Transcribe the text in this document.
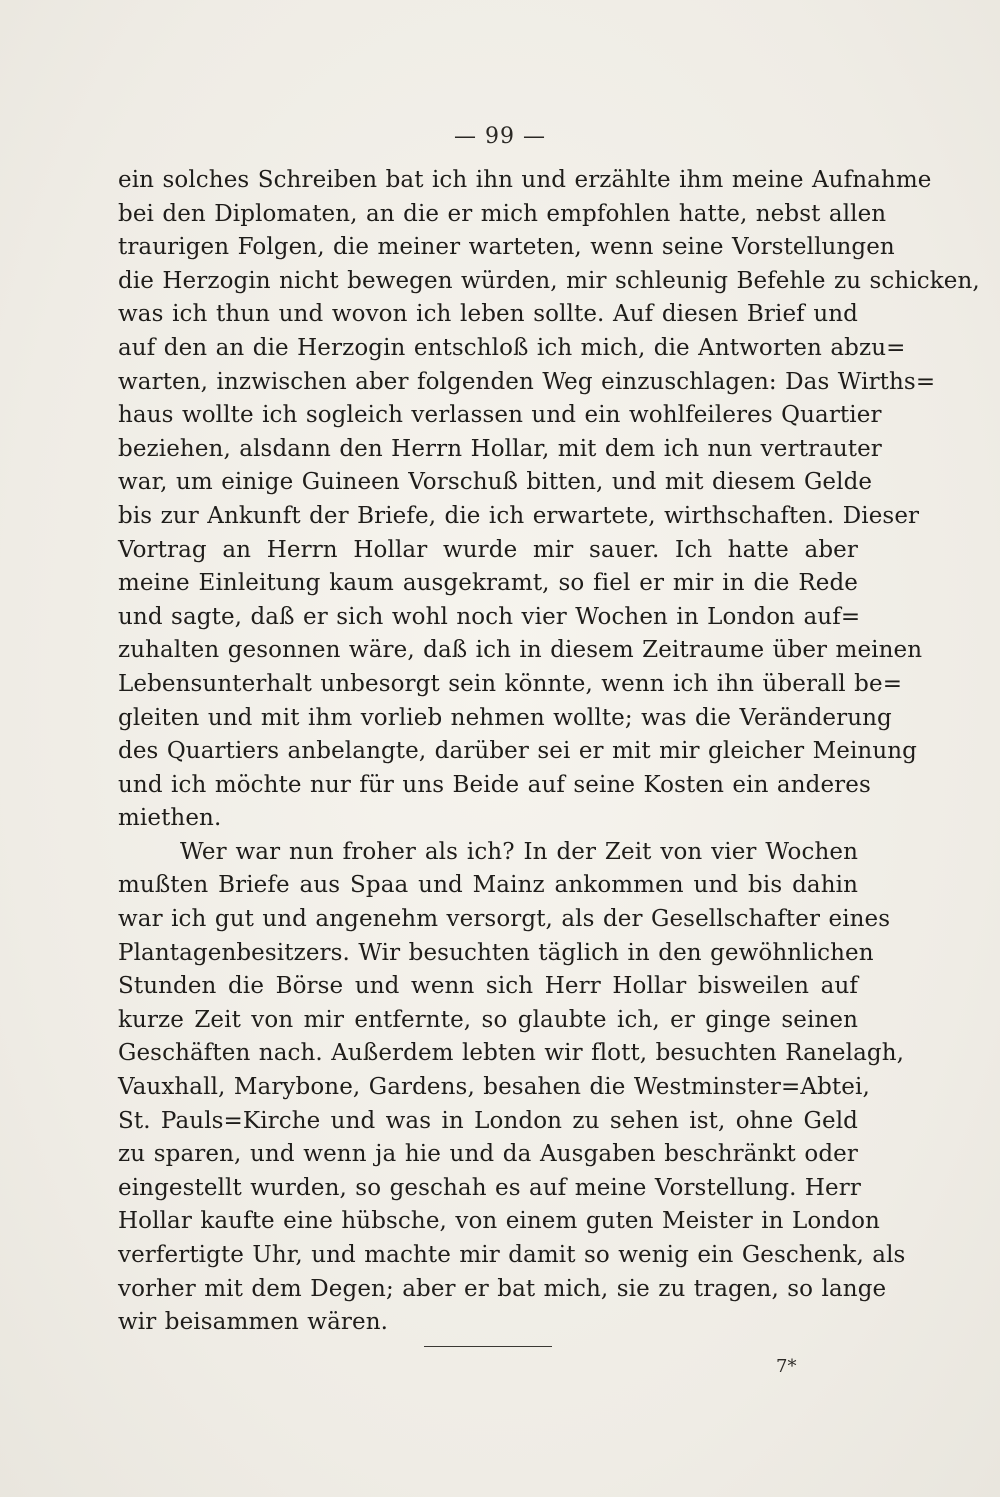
— 99 —
ein solches Schreiben bat ich ihn und erzählte ihm meine Aufnahme
bei den Diplomaten, an die er mich empfohlen hatte, nebst allen
traurigen Folgen, die meiner warteten, wenn seine Vorstellungen
die Herzogin nicht bewegen würden, mir schleunig Befehle zu schicken,
was ich thun und wovon ich leben sollte. Auf diesen Brief und
auf den an die Herzogin entschloß ich mich, die Antworten abzu=
warten, inzwischen aber folgenden Weg einzuschlagen: Das Wirths=
haus wollte ich sogleich verlassen und ein wohlfeileres Quartier
beziehen, alsdann den Herrn Hollar, mit dem ich nun vertrauter
war, um einige Guineen Vorschuß bitten, und mit diesem Gelde
bis zur Ankunft der Briefe, die ich erwartete, wirthschaften. Dieser
Vortrag an Herrn Hollar wurde mir sauer. Ich hatte aber
meine Einleitung kaum ausgekramt, so fiel er mir in die Rede
und sagte, daß er sich wohl noch vier Wochen in London auf=
zuhalten gesonnen wäre, daß ich in diesem Zeitraume über meinen
Lebensunterhalt unbesorgt sein könnte, wenn ich ihn überall be=
gleiten und mit ihm vorlieb nehmen wollte; was die Veränderung
des Quartiers anbelangte, darüber sei er mit mir gleicher Meinung
und ich möchte nur für uns Beide auf seine Kosten ein anderes
miethen.
Wer war nun froher als ich? In der Zeit von vier Wochen
mußten Briefe aus Spaa und Mainz ankommen und bis dahin
war ich gut und angenehm versorgt, als der Gesellschafter eines
Plantagenbesitzers. Wir besuchten täglich in den gewöhnlichen
Stunden die Börse und wenn sich Herr Hollar bisweilen auf
kurze Zeit von mir entfernte, so glaubte ich, er ginge seinen
Geschäften nach. Außerdem lebten wir flott, besuchten Ranelagh,
Vauxhall, Marybone, Gardens, besahen die Westminster=Abtei,
St. Pauls=Kirche und was in London zu sehen ist, ohne Geld
zu sparen, und wenn ja hie und da Ausgaben beschränkt oder
eingestellt wurden, so geschah es auf meine Vorstellung. Herr
Hollar kaufte eine hübsche, von einem guten Meister in London
verfertigte Uhr, und machte mir damit so wenig ein Geschenk, als
vorher mit dem Degen; aber er bat mich, sie zu tragen, so lange
wir beisammen wären.
7*
